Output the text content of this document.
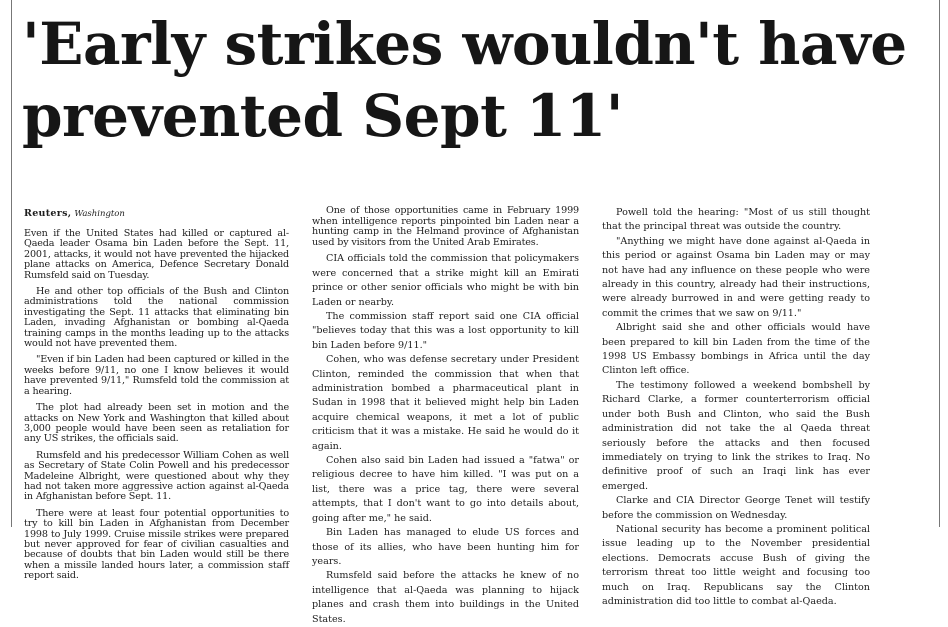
'Early strikes wouldn't have prevented Sept 11'
Reuters, Washington

Even if the United States had killed or captured al-Qaeda leader Osama bin Laden before the Sept. 11, 2001, attacks, it would not have prevented the hijacked plane attacks on America, Defence Secretary Donald Rumsfeld said on Tuesday.

He and other top officials of the Bush and Clinton administrations told the national commission investigating the Sept. 11 attacks that eliminating bin Laden, invading Afghanistan or bombing al-Qaeda training camps in the months leading up to the attacks would not have prevented them.

"Even if bin Laden had been captured or killed in the weeks before 9/11, no one I know believes it would have prevented 9/11," Rumsfeld told the commission at a hearing.

The plot had already been set in motion and the attacks on New York and Washington that killed about 3,000 people would have been seen as retaliation for any US strikes, the officials said.

Rumsfeld and his predecessor William Cohen as well as Secretary of State Colin Powell and his predecessor Madeleine Albright, were questioned about why they had not taken more aggressive action against al-Qaeda in Afghanistan before Sept. 11.

There were at least four potential opportunities to try to kill bin Laden in Afghanistan from December 1998 to July 1999. Cruise missile strikes were prepared but never approved for fear of civilian casualties and because of doubts that bin Laden would still be there when a missile landed hours later, a commission staff report said.

One of those opportunities came in February 1999 when intelligence reports pinpointed bin Laden near a hunting camp in the Helmand province of Afghanistan used by visitors from the United Arab Emirates.

CIA officials told the commission that policymakers were concerned that a strike might kill an Emirati prince or other senior officials who might be with bin Laden or nearby.

The commission staff report said one CIA official "believes today that this was a lost opportunity to kill bin Laden before 9/11."

Cohen, who was defense secretary under President Clinton, reminded the commission that when that administration bombed a pharmaceutical plant in Sudan in 1998 that it believed might help bin Laden acquire chemical weapons, it met a lot of public criticism that it was a mistake. He said he would do it again.

Cohen also said bin Laden had issued a "fatwa" or religious decree to have him killed. "I was put on a list, there was a price tag, there were several attempts, that I don't want to go into details about, going after me," he said.

Bin Laden has managed to elude US forces and those of its allies, who have been hunting him for years.

Rumsfeld said before the attacks he knew of no intelligence that al-Qaeda was planning to hijack planes and crash them into buildings in the United States.

Powell told the hearing: "Most of us still thought that the principal threat was outside the country.

"Anything we might have done against al-Qaeda in this period or against Osama bin Laden may or may not have had any influence on these people who were already in this country, already had their instructions, were already burrowed in and were getting ready to commit the crimes that we saw on 9/11."

Albright said she and other officials would have been prepared to kill bin Laden from the time of the 1998 US Embassy bombings in Africa until the day Clinton left office.

The testimony followed a weekend bombshell by Richard Clarke, a former counterterrorism official under both Bush and Clinton, who said the Bush administration did not take the al Qaeda threat seriously before the attacks and then focused immediately on trying to link the strikes to Iraq. No definitive proof of such an Iraqi link has ever emerged.

Clarke and CIA Director George Tenet will testify before the commission on Wednesday.

National security has become a prominent political issue leading up to the November presidential elections. Democrats accuse Bush of giving the terrorism threat too little weight and focusing too much on Iraq. Republicans say the Clinton administration did too little to combat al-Qaeda.
